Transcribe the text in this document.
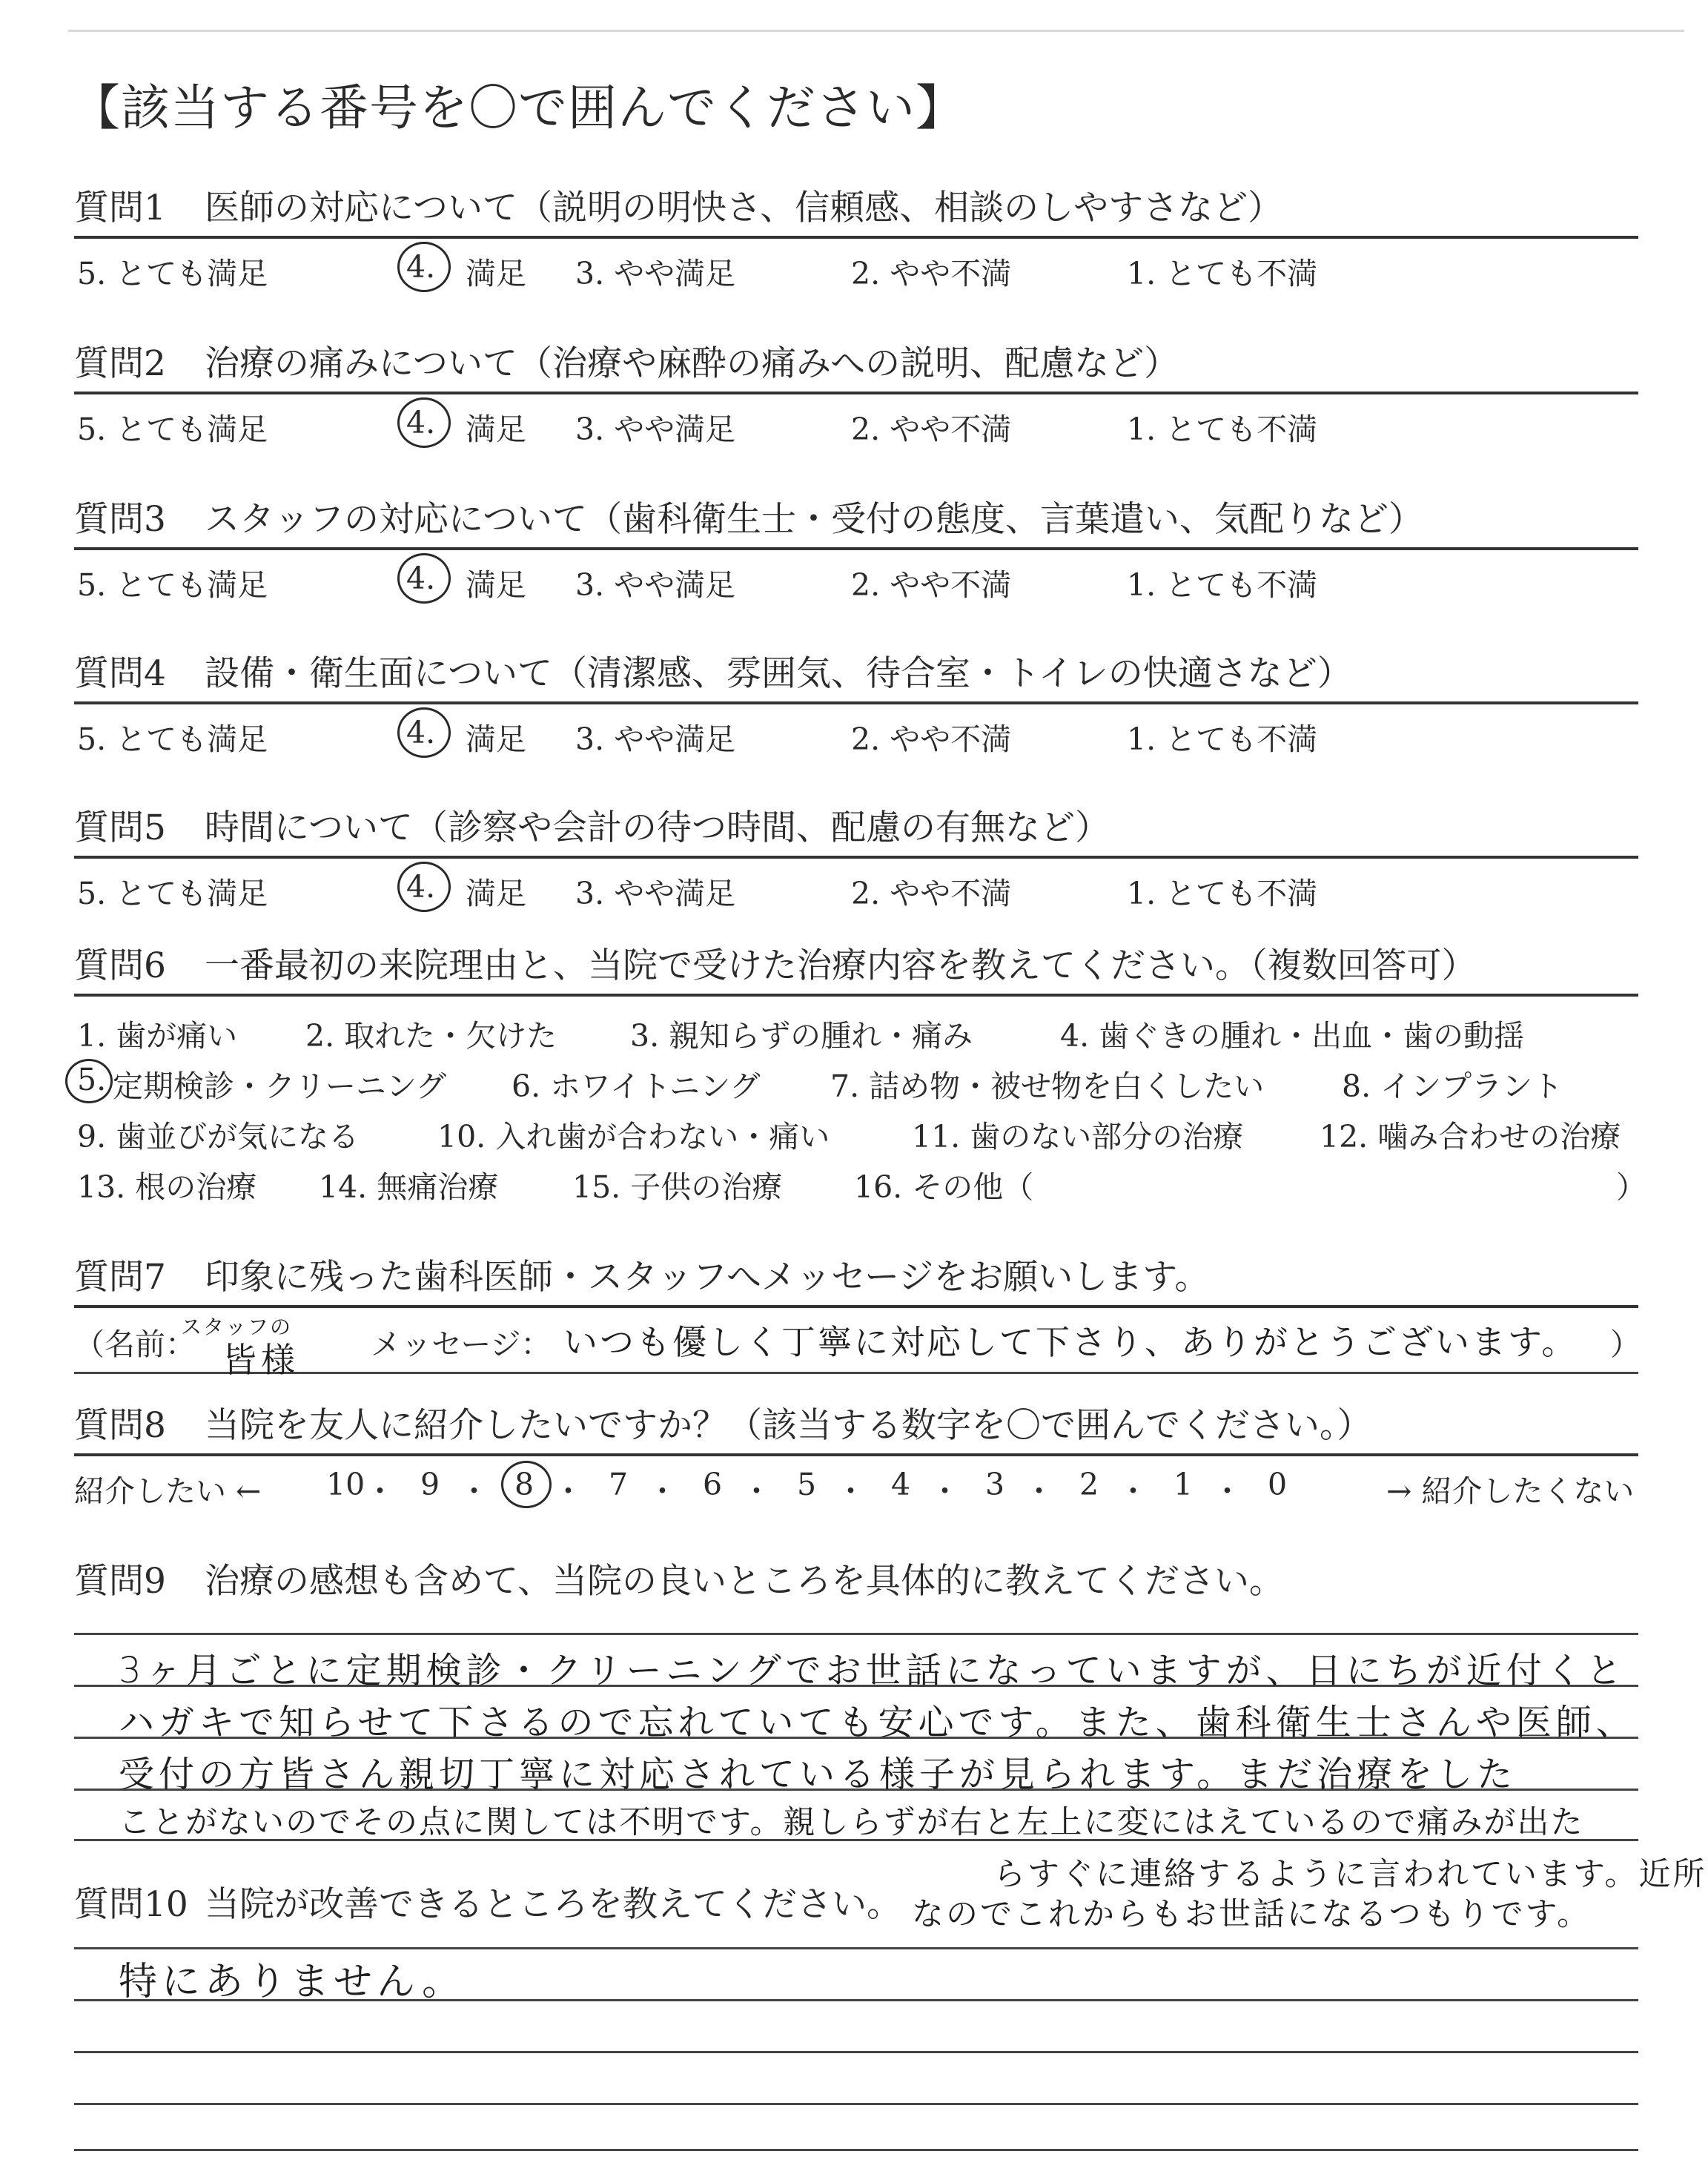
【該当する番号を〇で囲んでください】
質問1 医師の対応について（説明の明快さ、信頼感、相談のしやすさなど）
5. とても満足	4. 満足 3. やや満足	2. やや不満	1. とても不満
質問2 治療の痛みについて（治療や麻酔の痛みへの説明、配慮など）
5. とても満足	4. 満足 3. やや満足	2. やや不満	1. とても不満
質問3 スタッフの対応について（歯科衛生士・受付の態度、言葉遣い、気配りなど）
5. とても満足	4. 満足 3. やや満足	2. やや不満	1. とても不満
質問4 設備・衛生面について（清潔感、雰囲気、待合室・トイレの快適さなど）
5. とても満足	4. 満足 3. やや満足	2. やや不満	1. とても不満
質問5 時間について（診察や会計の待つ時間、配慮の有無など）
5. とても満足	4. 満足 3. やや満足	2. やや不満	1. とても不満
質問6 一番最初の来院理由と、当院で受けた治療内容を教えてください。（複数回答可）
1. 歯が痛い 2. 取れた・欠けた 3. 親知らずの腫れ・痛み	4. 歯ぐきの腫れ・出血・歯の動揺
5. 定期検診・クリーニング 6. ホワイトニング 7. 詰め物・被せ物を白くしたい	8. インプラント
9. 歯並びが気になる	10. 入れ歯が合わない・痛い	11. 歯のない部分の治療	12. 噛み合わせの治療
13. 根の治療 14. 無痛治療 15. 子供の治療 16. その他（	）
質問7 印象に残った歯科医師・スタッフへメッセージをお願いします。
（名前：
スタッフの
皆様 メッセージ： いつも優しく丁寧に対応して下さり、ありがとうございます。 ）
質問8 当院を友人に紹介したいですか？（該当する数字を〇で囲んでください。）
紹介したい ←	→ 紹介したくない
10 ・ 9 ・ 8 ・ 7 ・ 6 ・ 5 ・ 4 ・ 3 ・ 2 ・ 1 ・ 0
質問9 治療の感想も含めて、当院の良いところを具体的に教えてください。
3ヶ月ごとに定期検診・クリーニングでお世話になっていますが、日にちが近付くと
ハガキで知らせて下さるので忘れていても安心です。また、歯科衛生士さんや医師、
受付の方皆さん親切丁寧に対応されている様子が見られます。まだ治療をした
ことがないのでその点に関しては不明です。親しらずが右と左上に変にはえているので痛みが出た
らすぐに連絡するように言われています。近所
質問10 当院が改善できるところを教えてください。 なのでこれからもお世話になるつもりです。
特にありません。
